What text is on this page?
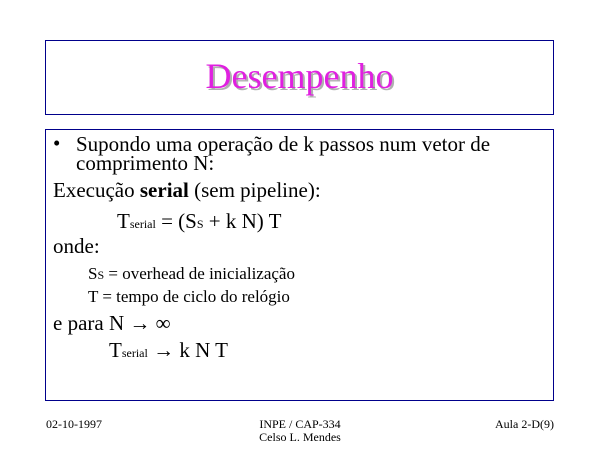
Desempenho
• Supondo uma operação de k passos num vetor de
comprimento N:
Execução serial (sem pipeline):
Tserial = (SS + k N) T
onde:
SS = overhead de inicialização
T = tempo de ciclo do relógio
e para N → ∞
Tserial → k N T
02-10-1997	INPE / CAP-334
Celso L. Mendes
Aula 2-D(9)
